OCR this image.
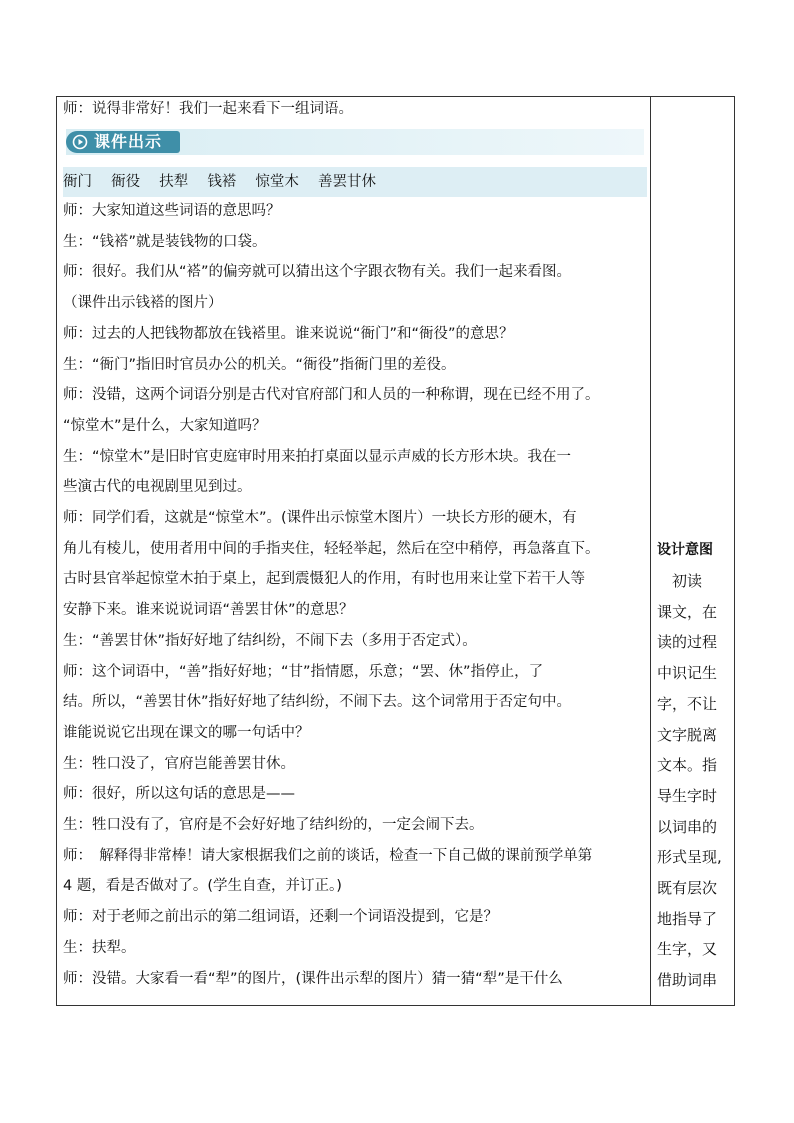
师：说得非常好！我们一起来看下一组词语。
课件出示
衙门　 衙役　 扶犁　 钱褡　 惊堂木　 善罢甘休
师：大家知道这些词语的意思吗？
生：“钱褡”就是装钱物的口袋。
师：很好。我们从“褡”的偏旁就可以猜出这个字跟衣物有关。我们一起来看图。
（课件出示钱褡的图片）
师：过去的人把钱物都放在钱褡里。谁来说说“衙门”和“衙役”的意思？
生：“衙门”指旧时官员办公的机关。“衙役”指衙门里的差役。
师：没错，这两个词语分别是古代对官府部门和人员的一种称谓，现在已经不用了。
“惊堂木”是什么，大家知道吗？
生：“惊堂木”是旧时官吏庭审时用来拍打桌面以显示声威的长方形木块。我在一
些演古代的电视剧里见到过。
师：同学们看，这就是“惊堂木”。(课件出示惊堂木图片）一块长方形的硬木，有
角儿有棱儿，使用者用中间的手指夹住，轻轻举起，然后在空中稍停，再急落直下。
古时县官举起惊堂木拍于桌上，起到震慑犯人的作用，有时也用来让堂下若干人等
安静下来。谁来说说词语“善罢甘休”的意思？
生：“善罢甘休”指好好地了结纠纷，不闹下去（多用于否定式）。
师：这个词语中，“善”指好好地；“甘”指情愿，乐意；“罢、休”指停止，了
结。所以，“善罢甘休”指好好地了结纠纷，不闹下去。这个词常用于否定句中。
谁能说说它出现在课文的哪一句话中？
生：牲口没了，官府岂能善罢甘休。
师：很好，所以这句话的意思是——
生：牲口没有了，官府是不会好好地了结纠纷的，一定会闹下去。
师：　解释得非常棒！请大家根据我们之前的谈话，检查一下自己做的课前预学单第
4 题，看是否做对了。(学生自查，并订正。)
师：对于老师之前出示的第二组词语，还剩一个词语没提到，它是？
生：扶犁。
师：没错。大家看一看“犁”的图片，(课件出示犁的图片）猜一猜“犁”是干什么
设计意图
　初读
课文，在
读的过程
中识记生
字，不让
文字脱离
文本。指
导生字时
以词串的
形式呈现,
既有层次
地指导了
生字，又
借助词串
